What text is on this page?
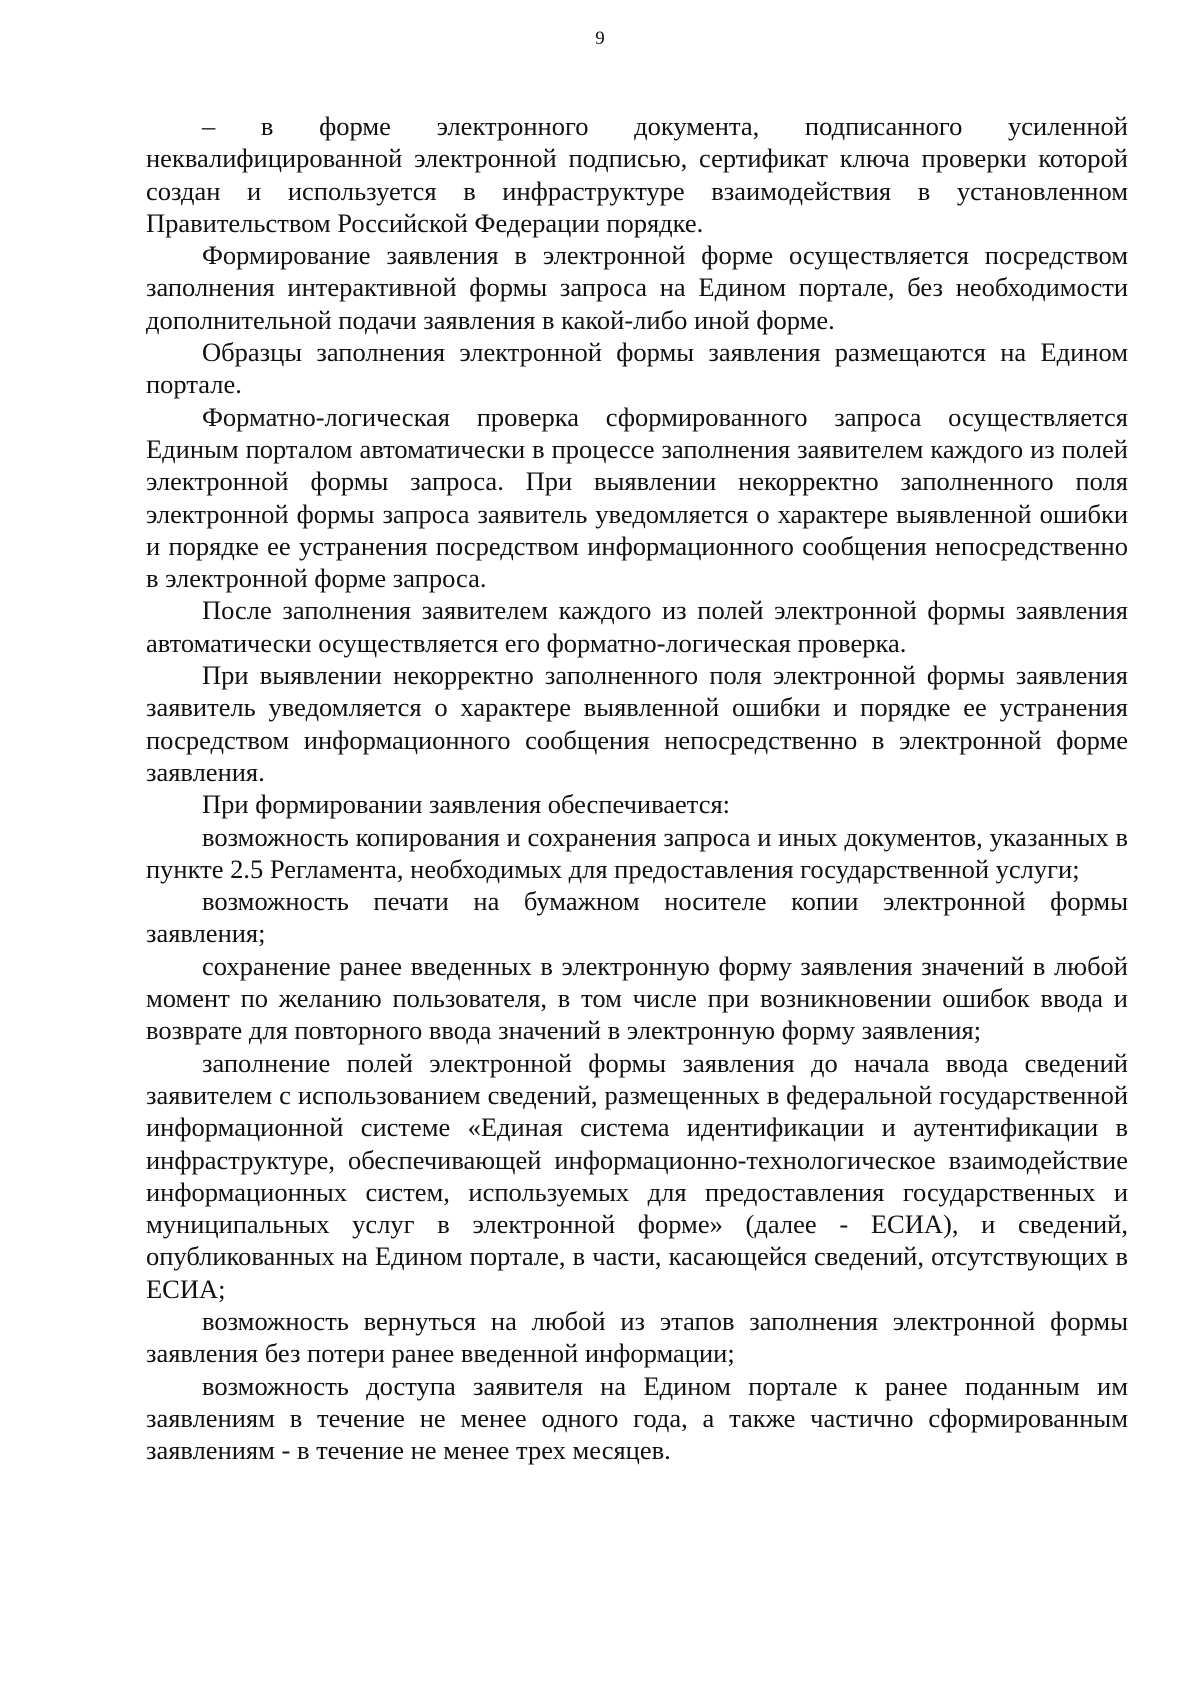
9

– в форме электронного документа, подписанного усиленной неквалифицированной электронной подписью, сертификат ключа проверки которой создан и используется в инфраструктуре взаимодействия в установленном Правительством Российской Федерации порядке.

Формирование заявления в электронной форме осуществляется посредством заполнения интерактивной формы запроса на Едином портале, без необходимости дополнительной подачи заявления в какой-либо иной форме.

Образцы заполнения электронной формы заявления размещаются на Едином портале.

Форматно-логическая проверка сформированного запроса осуществляется Единым порталом автоматически в процессе заполнения заявителем каждого из полей электронной формы запроса. При выявлении некорректно заполненного поля электронной формы запроса заявитель уведомляется о характере выявленной ошибки и порядке ее устранения посредством информационного сообщения непосредственно в электронной форме запроса.

После заполнения заявителем каждого из полей электронной формы заявления автоматически осуществляется его форматно-логическая проверка.

При выявлении некорректно заполненного поля электронной формы заявления заявитель уведомляется о характере выявленной ошибки и порядке ее устранения посредством информационного сообщения непосредственно в электронной форме заявления.

При формировании заявления обеспечивается:

возможность копирования и сохранения запроса и иных документов, указанных в пункте 2.5 Регламента, необходимых для предоставления государственной услуги;

возможность печати на бумажном носителе копии электронной формы заявления;

сохранение ранее введенных в электронную форму заявления значений в любой момент по желанию пользователя, в том числе при возникновении ошибок ввода и возврате для повторного ввода значений в электронную форму заявления;

заполнение полей электронной формы заявления до начала ввода сведений заявителем с использованием сведений, размещенных в федеральной государственной информационной системе «Единая система идентификации и аутентификации в инфраструктуре, обеспечивающей информационно-технологическое взаимодействие информационных систем, используемых для предоставления государственных и муниципальных услуг в электронной форме» (далее - ЕСИА), и сведений, опубликованных на Едином портале, в части, касающейся сведений, отсутствующих в ЕСИА;

возможность вернуться на любой из этапов заполнения электронной формы заявления без потери ранее введенной информации;

возможность доступа заявителя на Едином портале к ранее поданным им заявлениям в течение не менее одного года, а также частично сформированным заявлениям - в течение не менее трех месяцев.
